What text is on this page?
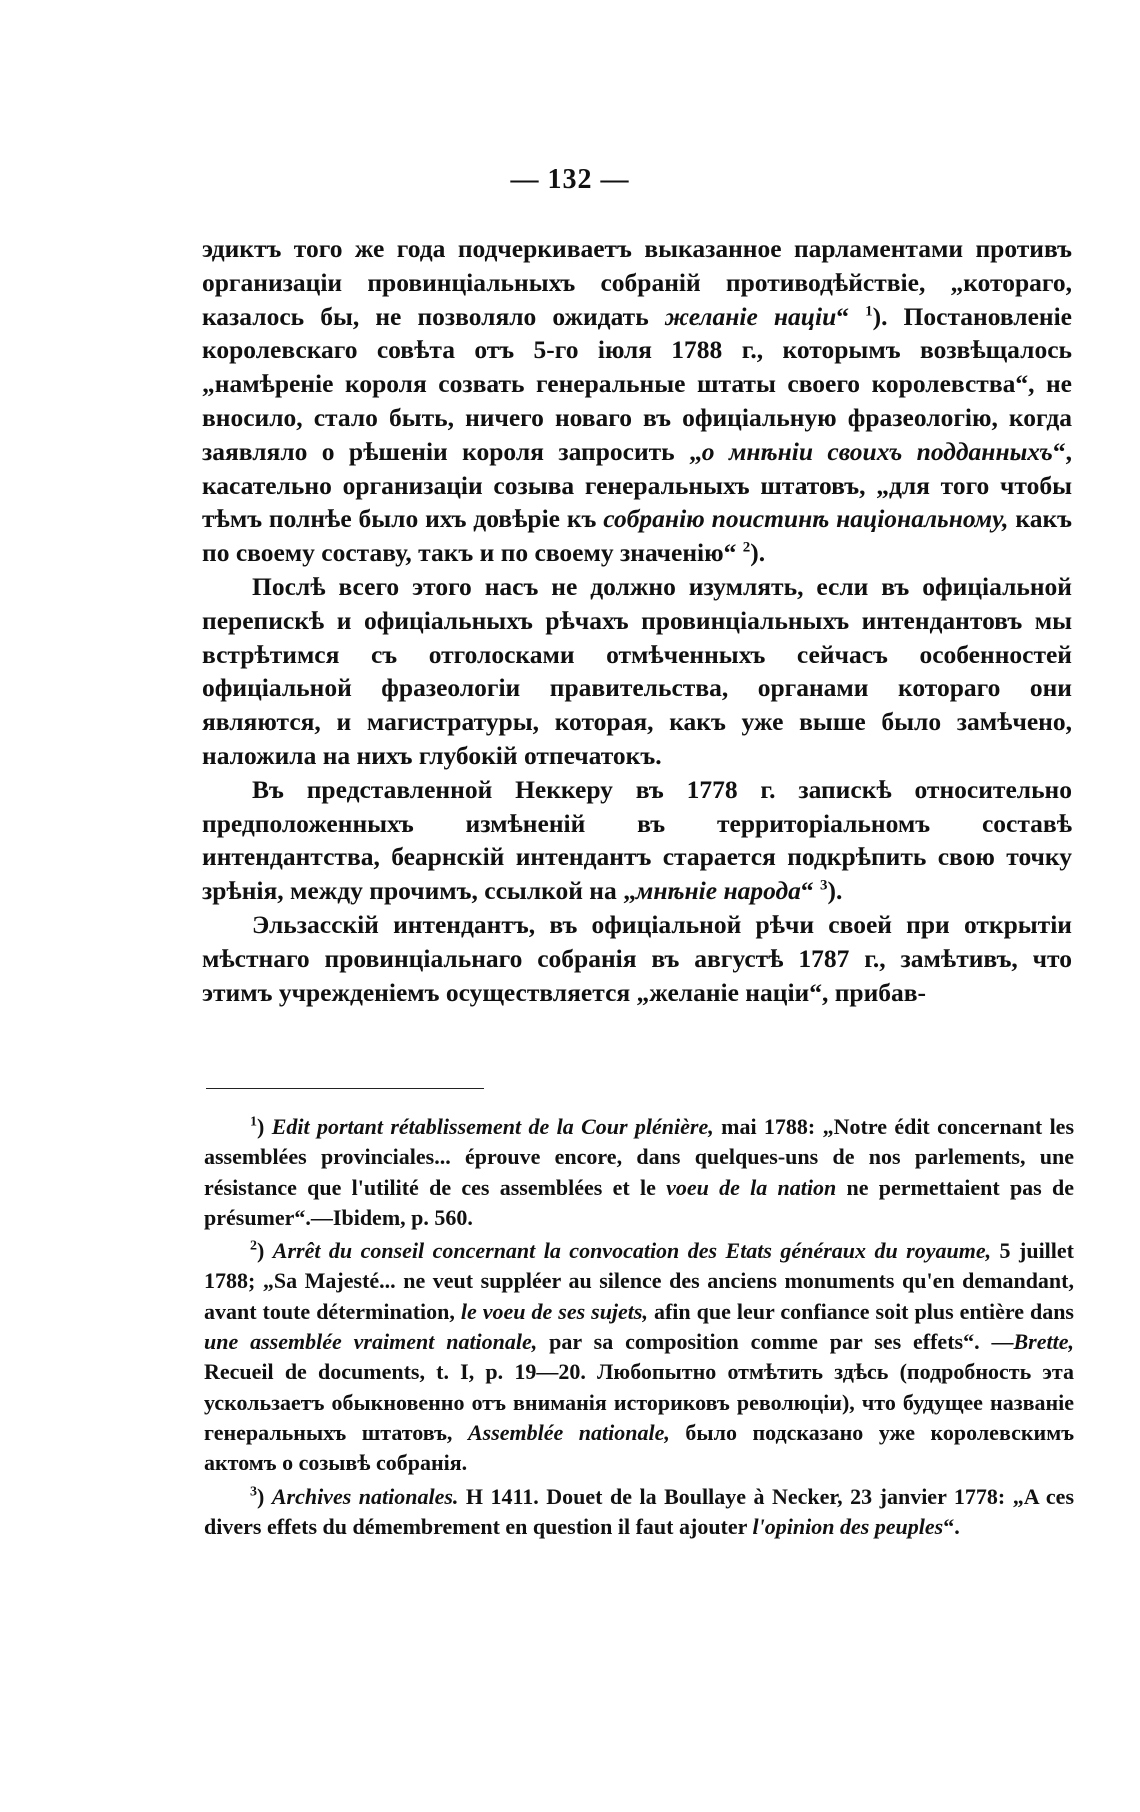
— 132 —

эдиктъ того же года подчеркиваетъ выказанное парламентами противъ организацiи провинцiальныхъ собранiй противодѣйствiе, „котораго, казалось бы, не позволяло ожидать желанiе нацiи“ $^1$). Постановленiе королевскаго совѣта отъ 5-го iюля 1788 г., которымъ возвѣщалось „намѣренiе короля созвать генеральные штаты своего королевства“, не вносило, стало быть, ничего новаго въ офицiальную фразеологiю, когда заявляло о рѣшенiи короля запросить „о мнѣнiи своихъ подданныхъ“, касательно организацiи созыва генеральныхъ штатовъ, „для того чтобы тѣмъ полнѣе было ихъ довѣрiе къ собранiю поистинѣ нацiональному, какъ по своему составу, такъ и по своему значенiю“ $^2$).

Послѣ всего этого насъ не должно изумлять, если въ офицiальной перепискѣ и офицiальныхъ рѣчахъ провинцiальныхъ интендантовъ мы встрѣтимся съ отголосками отмѣченныхъ сейчасъ особенностей офицiальной фразеологiи правительства, органами котораго они являются, и магистратуры, которая, какъ уже выше было замѣчено, наложила на нихъ глубокiй отпечатокъ.

Въ представленной Неккеру въ 1778 г. запискѣ относительно предположенныхъ измѣненiй въ территорiальномъ составѣ интендантства, беарнскiй интендантъ старается подкрѣпить свою точку зрѣнiя, между прочимъ, ссылкой на „мнѣнiе народа“ $^3$).

Эльзасскiй интендантъ, въ офицiальной рѣчи своей при открытiи мѣстнаго провинцiальнаго собранiя въ августѣ 1787 г., замѣтивъ, что этимъ учрежденiемъ осуществляется „желанiе нацiи“, прибав-

$^1$) Edit portant rétablissement de la Cour plénière, mai 1788: „Notre édit concernant les assemblées provinciales... éprouve encore, dans quelques-uns de nos parlements, une résistance que l'utilité de ces assemblées et le voeu de la nation ne permettaient pas de présumer“.—Ibidem, p. 560.

$^2$) Arrêt du conseil concernant la convocation des Etats généraux du royaume, 5 juillet 1788; „Sa Majesté... ne veut suppléer au silence des anciens monuments qu'en demandant, avant toute détermination, le voeu de ses sujets, afin que leur confiance soit plus entière dans une assemblée vraiment nationale, par sa composition comme par ses effets“. —Brette, Recueil de documents, t. I, p. 19—20. Любопытно отмѣтить здѣсь (подробность эта ускользаетъ обыкновенно отъ вниманiя историковъ революцiи), что будущее названiе генеральныхъ штатовъ, Assemblée nationale, было подсказано уже королевскимъ актомъ о созывѣ собранiя.

$^3$) Archives nationales. H 1411. Douet de la Boullaye à Necker, 23 janvier 1778: „A ces divers effets du démembrement en question il faut ajouter l'opinion des peuples“.
